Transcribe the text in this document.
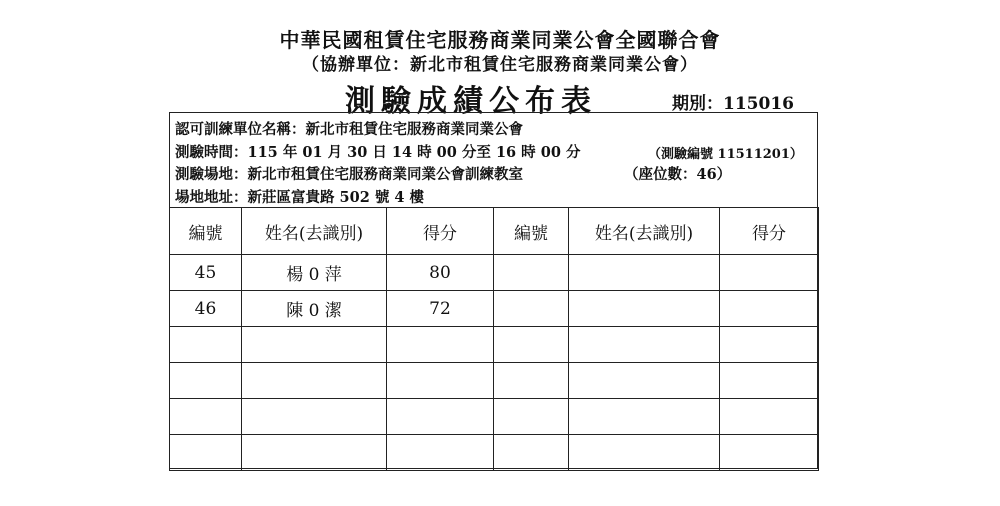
中華民國租賃住宅服務商業同業公會全國聯合會
（協辦單位：新北市租賃住宅服務商業同業公會）
測驗成績公布表	期別：115016
認可訓練單位名稱：新北市租賃住宅服務商業同業公會
測驗時間：115 年 01 月 30 日 14 時 00 分至 16 時 00 分	（測驗編號 11511201）
測驗場地：新北市租賃住宅服務商業同業公會訓練教室	（座位數：46）
場地地址：新莊區富貴路 502 號 4 樓
編號	姓名(去識別)	得分	編號	姓名(去識別)	得分
45	楊 0 萍	80			
46	陳 0 潔	72			
